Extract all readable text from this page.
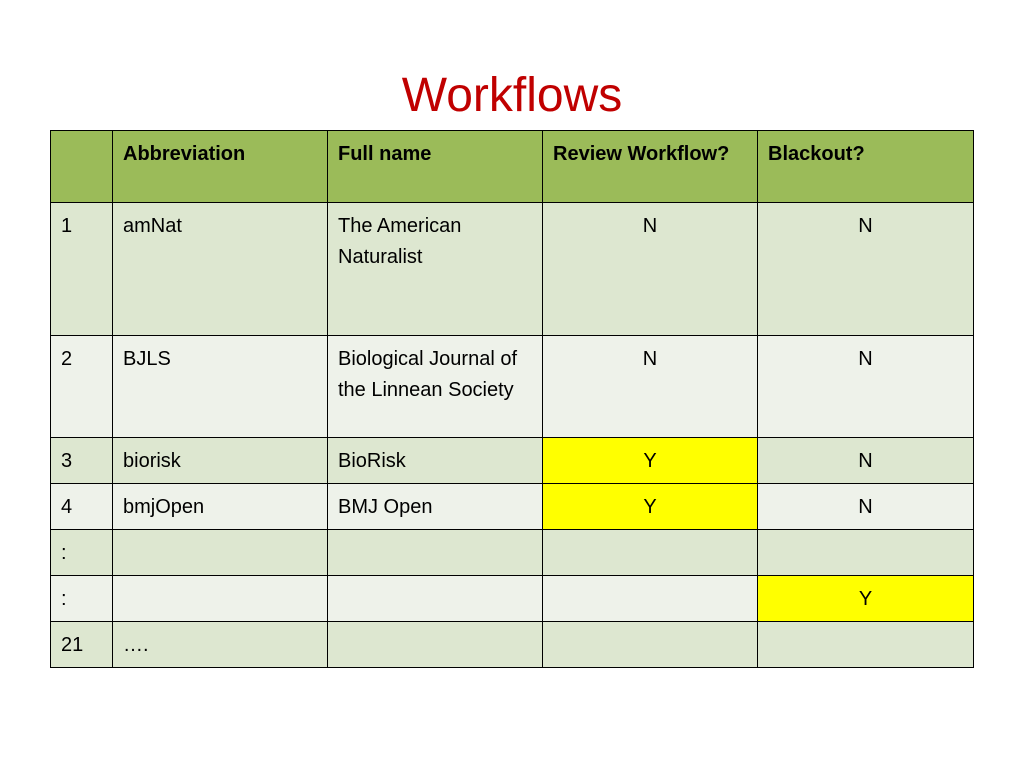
Workflows
	Abbreviation	Full name	Review Workflow?	Blackout?
1	amNat	The American Naturalist	N	N
2	BJLS	Biological Journal of the Linnean Society	N	N
3	biorisk	BioRisk	Y	N
4	bmjOpen	BMJ Open	Y	N
:				
:				Y
21	….			
